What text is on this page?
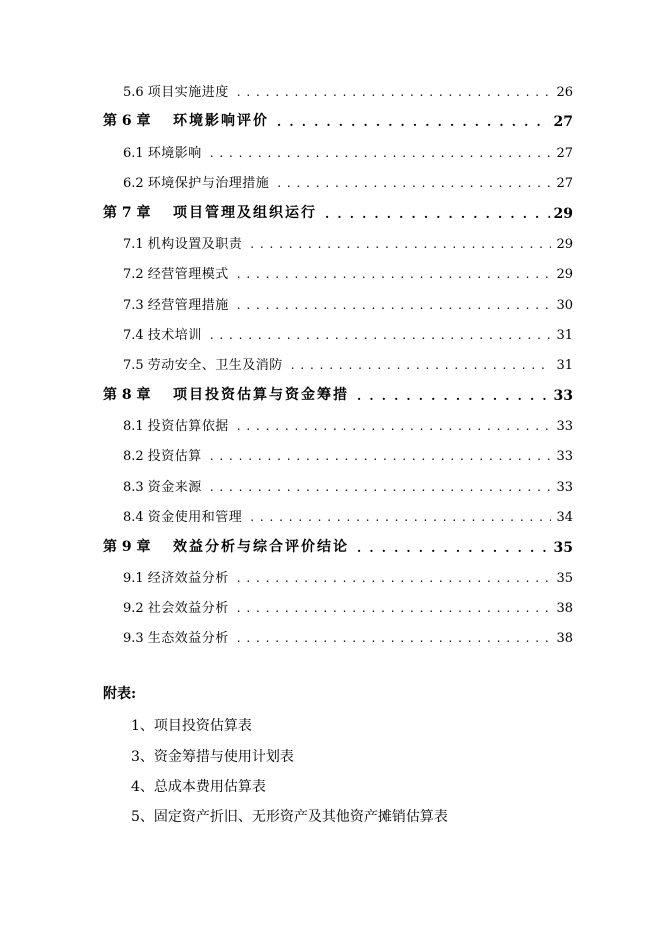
5.6 项目实施进度 . . .	26
第 6 章	环境影响评价 . . .	27
6.1 环境影响 . . .	27
6.2 环境保护与治理措施 . . .	27
第 7 章	项目管理及组织运行 . . .	29
7.1 机构设置及职责 . . .	29
7.2 经营管理模式 . . .	29
7.3 经营管理措施 . . .	30
7.4 技术培训 . . .	31
7.5 劳动安全、卫生及消防 . . .	31
第 8 章	项目投资估算与资金筹措 . . .	33
8.1 投资估算依据 . . .	33
8.2 投资估算 . . .	33
8.3 资金来源 . . .	33
8.4 资金使用和管理 . . .	34
第 9 章	效益分析与综合评价结论 . . .	35
9.1 经济效益分析 . . .	35
9.2 社会效益分析 . . .	38
9.3 生态效益分析 . . .	38
附表:
1、项目投资估算表
3、资金筹措与使用计划表
4、总成本费用估算表
5、固定资产折旧、无形资产及其他资产摊销估算表
